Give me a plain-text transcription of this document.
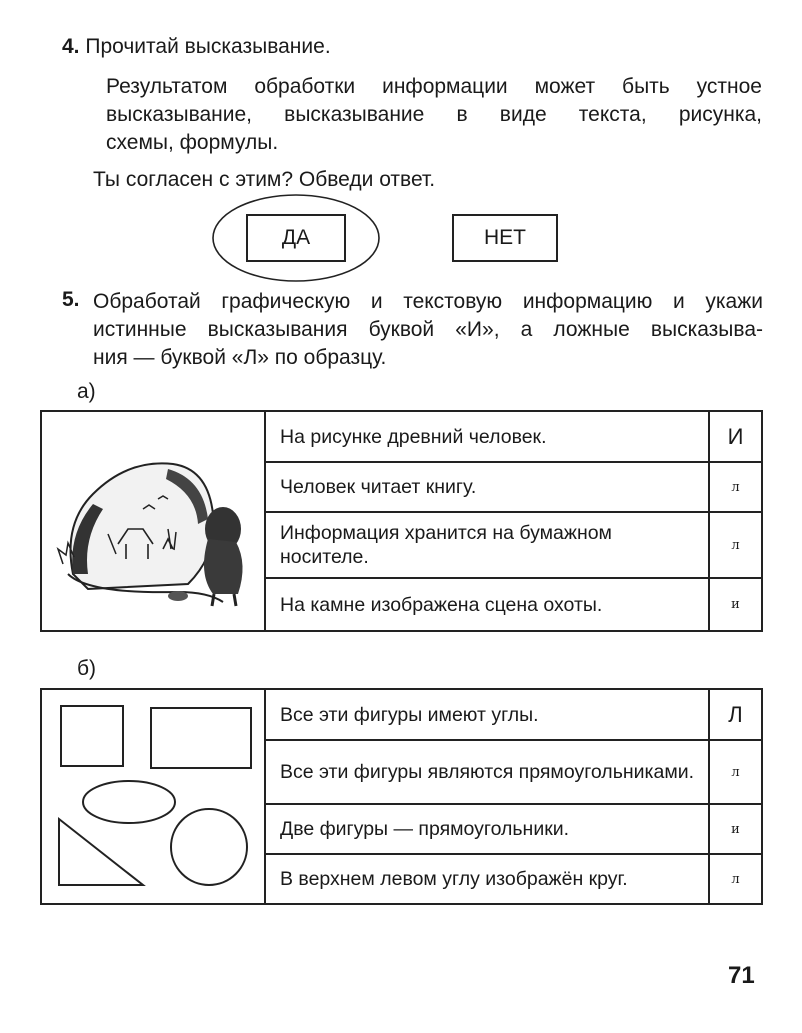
4. Прочитай высказывание.
Результатом обработки информации может быть устное
высказывание, высказывание в виде текста, рисунка,
схемы, формулы.
Ты согласен с этим? Обведи ответ.
ДА	НЕТ
5. Обработай графическую и текстовую информацию и укажи
истинные высказывания буквой «И», а ложные высказыва-
ния — буквой «Л» по образцу.
а)
	На рисунке древний человек.	И
	Человек читает книгу.	л
	Информация хранится на бумажном носителе.	л
	На камне изображена сцена охоты.	и
б)
	Все эти фигуры имеют углы.	Л
	Все эти фигуры являются прямоугольниками.	л
	Две фигуры — прямоугольники.	и
	В верхнем левом углу изображён круг.	л
71
